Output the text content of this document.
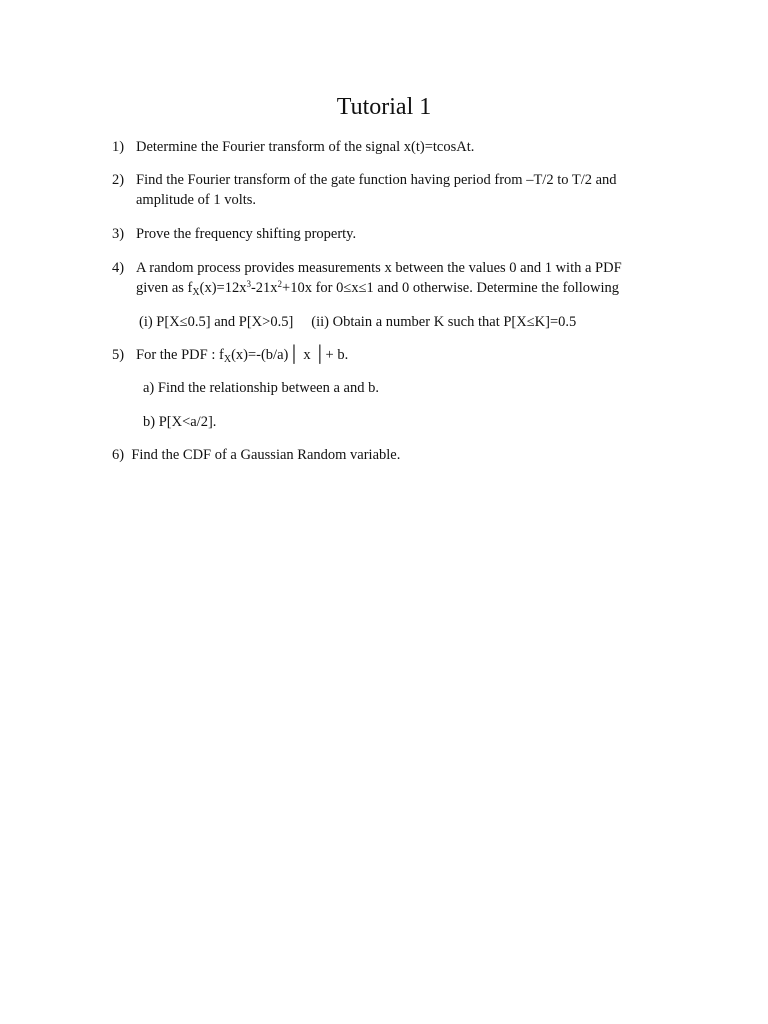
Tutorial 1
1) Determine the Fourier transform of the signal x(t)=tcosAt.
2) Find the Fourier transform of the gate function having period from –T/2 to T/2 and
amplitude of 1 volts.
3) Prove the frequency shifting property.
4) A random process provides measurements x between the values 0 and 1 with a PDF
given as $f_X(x)=12x^3-21x^2+10x$ for 0≤x≤1 and 0 otherwise. Determine the following
(i) P[X≤0.5] and P[X>0.5] (ii) Obtain a number K such that P[X≤K]=0.5
5) For the PDF : $f_X(x)=-(b/a)│$ x │+ b.
a) Find the relationship between a and b.
b) P[X<a/2].
6) Find the CDF of a Gaussian Random variable.
